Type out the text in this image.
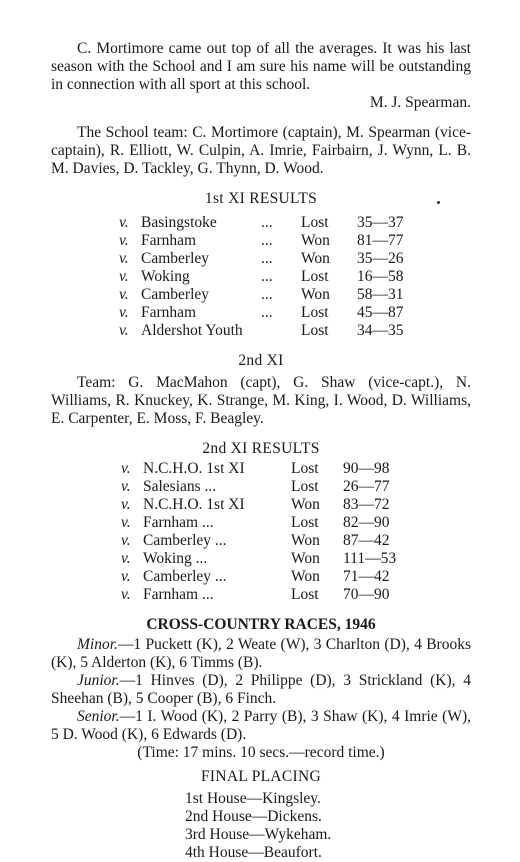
C. Mortimore came out top of all the averages. It was his last season with the School and I am sure his name will be outstanding in connection with all sport at this school.

M. J. Spearman.

The School team: C. Mortimore (captain), M. Spearman (vice-captain), R. Elliott, W. Culpin, A. Imrie, Fairbairn, J. Wynn, L. B. M. Davies, D. Tackley, G. Thynn, D. Wood.

1st XI RESULTS

v.	Basingstoke	...	Lost	35—37
v.	Farnham	...	Won	81—77
v.	Camberley	...	Won	35—26
v.	Woking	...	Lost	16—58
v.	Camberley	...	Won	58—31
v.	Farnham	...	Lost	45—87
v.	Aldershot Youth		Lost	34—35

2nd XI

Team: G. MacMahon (capt), G. Shaw (vice-capt.), N. Williams, R. Knuckey, K. Strange, M. King, I. Wood, D. Williams, E. Carpenter, E. Moss, F. Beagley.

2nd XI RESULTS

v.	N.C.H.O. 1st XI	Lost	90—98
v.	Salesians ...	Lost	26—77
v.	N.C.H.O. 1st XI	Won	83—72
v.	Farnham ...	Lost	82—90
v.	Camberley ...	Won	87—42
v.	Woking ...	Won	111—53
v.	Camberley ...	Won	71—42
v.	Farnham ...	Lost	70—90

CROSS-COUNTRY RACES, 1946

Minor.—1 Puckett (K), 2 Weate (W), 3 Charlton (D), 4 Brooks (K), 5 Alderton (K), 6 Timms (B).

Junior.—1 Hinves (D), 2 Philippe (D), 3 Strickland (K), 4 Sheehan (B), 5 Cooper (B), 6 Finch.

Senior.—1 I. Wood (K), 2 Parry (B), 3 Shaw (K), 4 Imrie (W), 5 D. Wood (K), 6 Edwards (D).

(Time: 17 mins. 10 secs.—record time.)

FINAL PLACING

1st House—Kingsley.
2nd House—Dickens.
3rd House—Wykeham.
4th House—Beaufort.
